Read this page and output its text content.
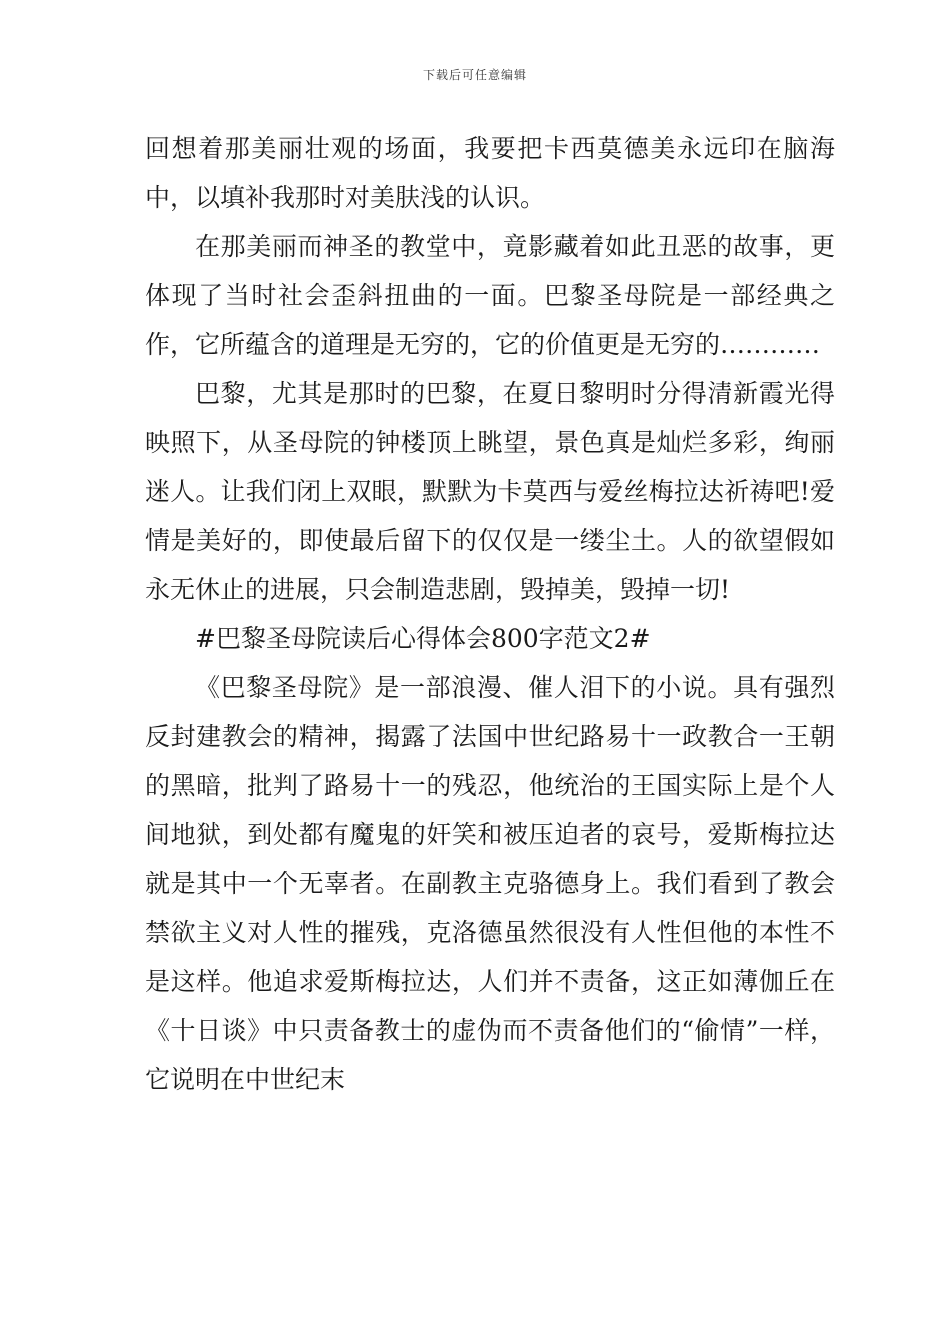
下载后可任意编辑

回想着那美丽壮观的场面，我要把卡西莫德美永远印在脑海中，以填补我那时对美肤浅的认识。

在那美丽而神圣的教堂中，竟影藏着如此丑恶的故事，更体现了当时社会歪斜扭曲的一面。巴黎圣母院是一部经典之作，它所蕴含的道理是无穷的，它的价值更是无穷的…………

巴黎，尤其是那时的巴黎，在夏日黎明时分得清新霞光得映照下，从圣母院的钟楼顶上眺望，景色真是灿烂多彩，绚丽迷人。让我们闭上双眼，默默为卡莫西与爱丝梅拉达祈祷吧!爱情是美好的，即使最后留下的仅仅是一缕尘土。人的欲望假如永无休止的进展，只会制造悲剧，毁掉美，毁掉一切!

#巴黎圣母院读后心得体会800字范文2#

《巴黎圣母院》是一部浪漫、催人泪下的小说。具有强烈反封建教会的精神，揭露了法国中世纪路易十一政教合一王朝的黑暗，批判了路易十一的残忍，他统治的王国实际上是个人间地狱，到处都有魔鬼的奸笑和被压迫者的哀号，爱斯梅拉达就是其中一个无辜者。在副教主克骆德身上。我们看到了教会禁欲主义对人性的摧残，克洛德虽然很没有人性但他的本性不是这样。他追求爱斯梅拉达，人们并不责备，这正如薄伽丘在《十日谈》中只责备教士的虚伪而不责备他们的“偷情”一样，它说明在中世纪末
